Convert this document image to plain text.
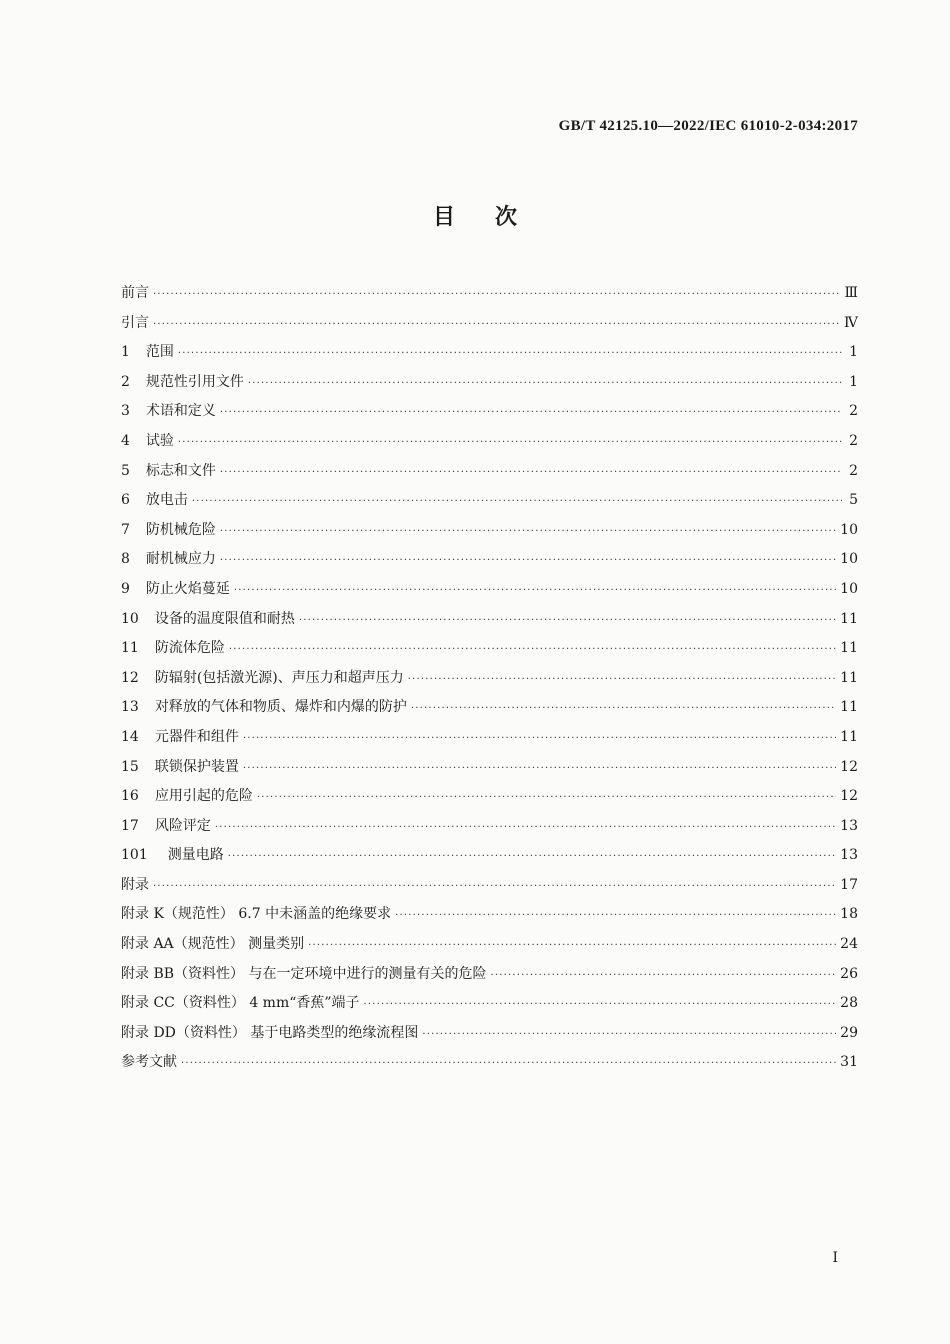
GB/T 42125.10—2022/IEC 61010-2-034:2017
目次
前言 ·····	Ⅲ
引言 ·····	Ⅳ
1 范围 ·····	1
2 规范性引用文件 ·····	1
3 术语和定义 ·····	2
4 试验 ·····	2
5 标志和文件 ·····	2
6 放电击 ·····	5
7 防机械危险 ·····	10
8 耐机械应力 ·····	10
9 防止火焰蔓延 ·····	10
10 设备的温度限值和耐热 ·····	11
11 防流体危险 ·····	11
12 防辐射(包括激光源)、声压力和超声压力 ·····	11
13 对释放的气体和物质、爆炸和内爆的防护 ·····	11
14 元器件和组件 ·····	11
15 联锁保护装置 ·····	12
16 应用引起的危险 ·····	12
17 风险评定 ·····	13
101 测量电路 ·····	13
附录 ·····	17
附录 K（规范性） 6.7 中未涵盖的绝缘要求 ·····	18
附录 AA（规范性） 测量类别 ·····	24
附录 BB（资料性） 与在一定环境中进行的测量有关的危险 ·····	26
附录 CC（资料性） 4 mm“香蕉”端子 ·····	28
附录 DD（资料性） 基于电路类型的绝缘流程图 ·····	29
参考文献 ·····	31
I
